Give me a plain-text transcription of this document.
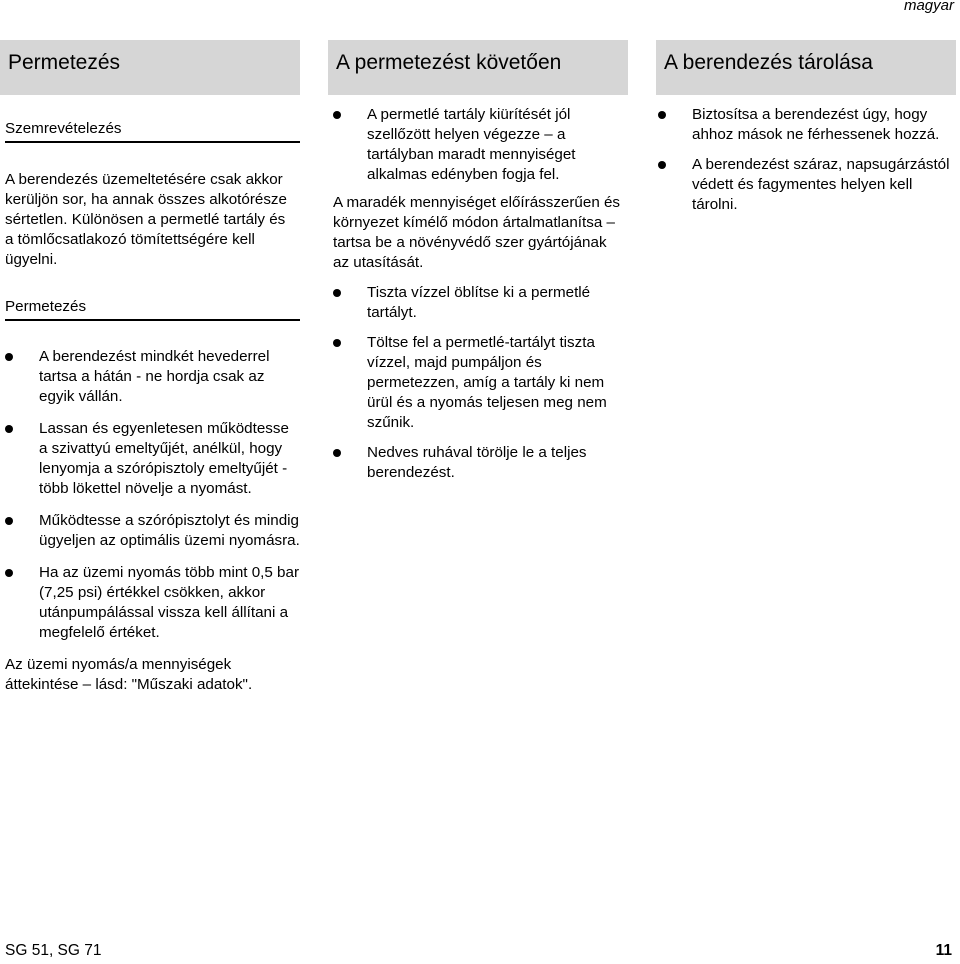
magyar
Permetezés	A permetezést követően	A berendezés tárolása
Szemrevételezés

A berendezés üzemeltetésére csak akkor kerüljön sor, ha annak összes alkotórésze sértetlen. Különösen a permetlé tartály és a tömlőcsatlakozó tömítettségére kell ügyelni.

Permetezés

A berendezést mindkét hevederrel tartsa a hátán - ne hordja csak az egyik vállán.

Lassan és egyenletesen működtesse a szivattyú emeltyűjét, anélkül, hogy lenyomja a szórópisztoly emeltyűjét - több lökettel növelje a nyomást.

Működtesse a szórópisztolyt és mindig ügyeljen az optimális üzemi nyomásra.

Ha az üzemi nyomás több mint 0,5 bar (7,25 psi) értékkel csökken, akkor utánpumpálással vissza kell állítani a megfelelő értéket.

Az üzemi nyomás/a mennyiségek áttekintése – lásd: "Műszaki adatok".

A permetlé tartály kiürítését jól szellőzött helyen végezze – a tartályban maradt mennyiséget alkalmas edényben fogja fel.

A maradék mennyiséget előírásszerűen és környezet kímélő módon ártalmatlanítsa – tartsa be a növényvédő szer gyártójának az utasítását.

Tiszta vízzel öblítse ki a permetlé tartályt.

Töltse fel a permetlé-tartályt tiszta vízzel, majd pumpáljon és permetezzen, amíg a tartály ki nem ürül és a nyomás teljesen meg nem szűnik.

Nedves ruhával törölje le a teljes berendezést.

Biztosítsa a berendezést úgy, hogy ahhoz mások ne férhessenek hozzá.

A berendezést száraz, napsugárzástól védett és fagymentes helyen kell tárolni.

SG 51, SG 71	11
